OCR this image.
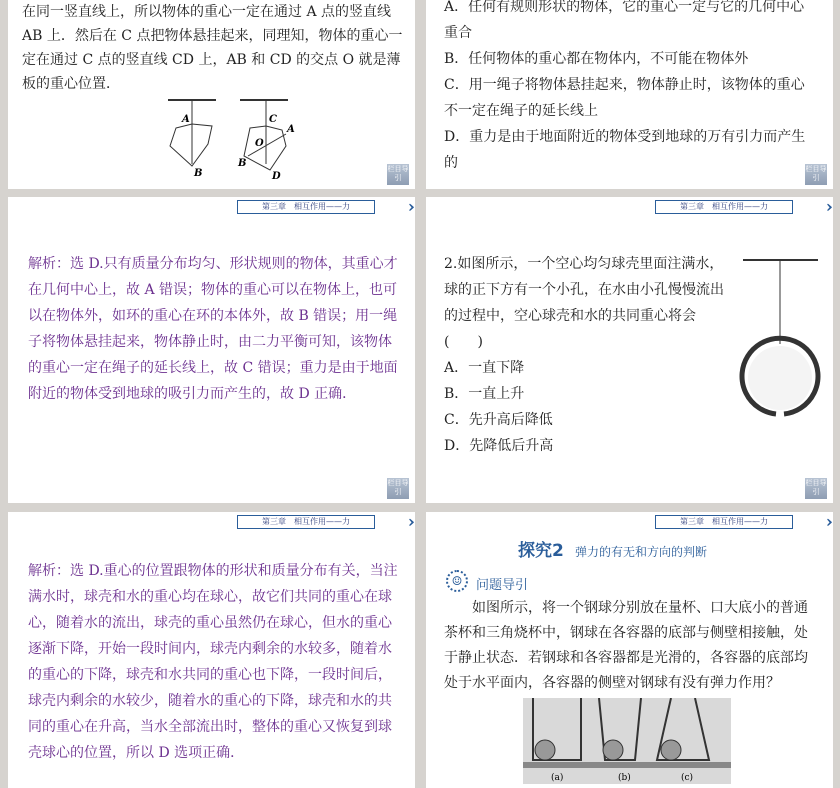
在同一竖直线上，所以物体的重心一定在通过 A 点的竖直线 AB 上．然后在 C 点把物体悬挂起来，同理知，物体的重心一定在通过 C 点的竖直线 CD 上，AB 和 CD 的交点 O 就是薄板的重心位置．
A
B
C
O
A
B
D
栏目导引
A．任何有规则形状的物体，它的重心一定与它的几何中心重合
B．任何物体的重心都在物体内，不可能在物体外
C．用一绳子将物体悬挂起来，物体静止时，该物体的重心不一定在绳子的延长线上
D．重力是由于地面附近的物体受到地球的万有引力而产生的	栏目导引
第三章　相互作用——力	›››
解析：选 D.只有质量分布均匀、形状规则的物体，其重心才在几何中心上，故 A 错误；物体的重心可以在物体上，也可以在物体外，如环的重心在环的本体外，故 B 错误；用一绳子将物体悬挂起来，物体静止时，由二力平衡可知，该物体的重心一定在绳子的延长线上，故 C 错误；重力是由于地面附近的物体受到地球的吸引力而产生的，故 D 正确．
栏目导引
第三章　相互作用——力	›››
2.如图所示，一个空心均匀球壳里面注满水，球的正下方有一个小孔，在水由小孔慢慢流出的过程中，空心球壳和水的共同重心将会(　　)
A．一直下降
B．一直上升
C．先升高后降低
D．先降低后升高
栏目导引
第三章　相互作用——力	›››
解析：选 D.重心的位置跟物体的形状和质量分布有关，当注满水时，球壳和水的重心均在球心，故它们共同的重心在球心，随着水的流出，球壳的重心虽然仍在球心，但水的重心逐渐下降，开始一段时间内，球壳内剩余的水较多，随着水的重心的下降，球壳和水共同的重心也下降，一段时间后，球壳内剩余的水较少，随着水的重心的下降，球壳和水的共同的重心在升高，当水全部流出时，整体的重心又恢复到球壳球心的位置，所以 D 选项正确．
第三章　相互作用——力	›››
探究2 弹力的有无和方向的判断
☺	问题导引
如图所示，将一个钢球分别放在量杯、口大底小的普通茶杯和三角烧杯中，钢球在各容器的底部与侧壁相接触，处于静止状态．若钢球和各容器都是光滑的，各容器的底部均处于水平面内，各容器的侧壁对钢球有没有弹力作用？
(a)	(b)	(c)
